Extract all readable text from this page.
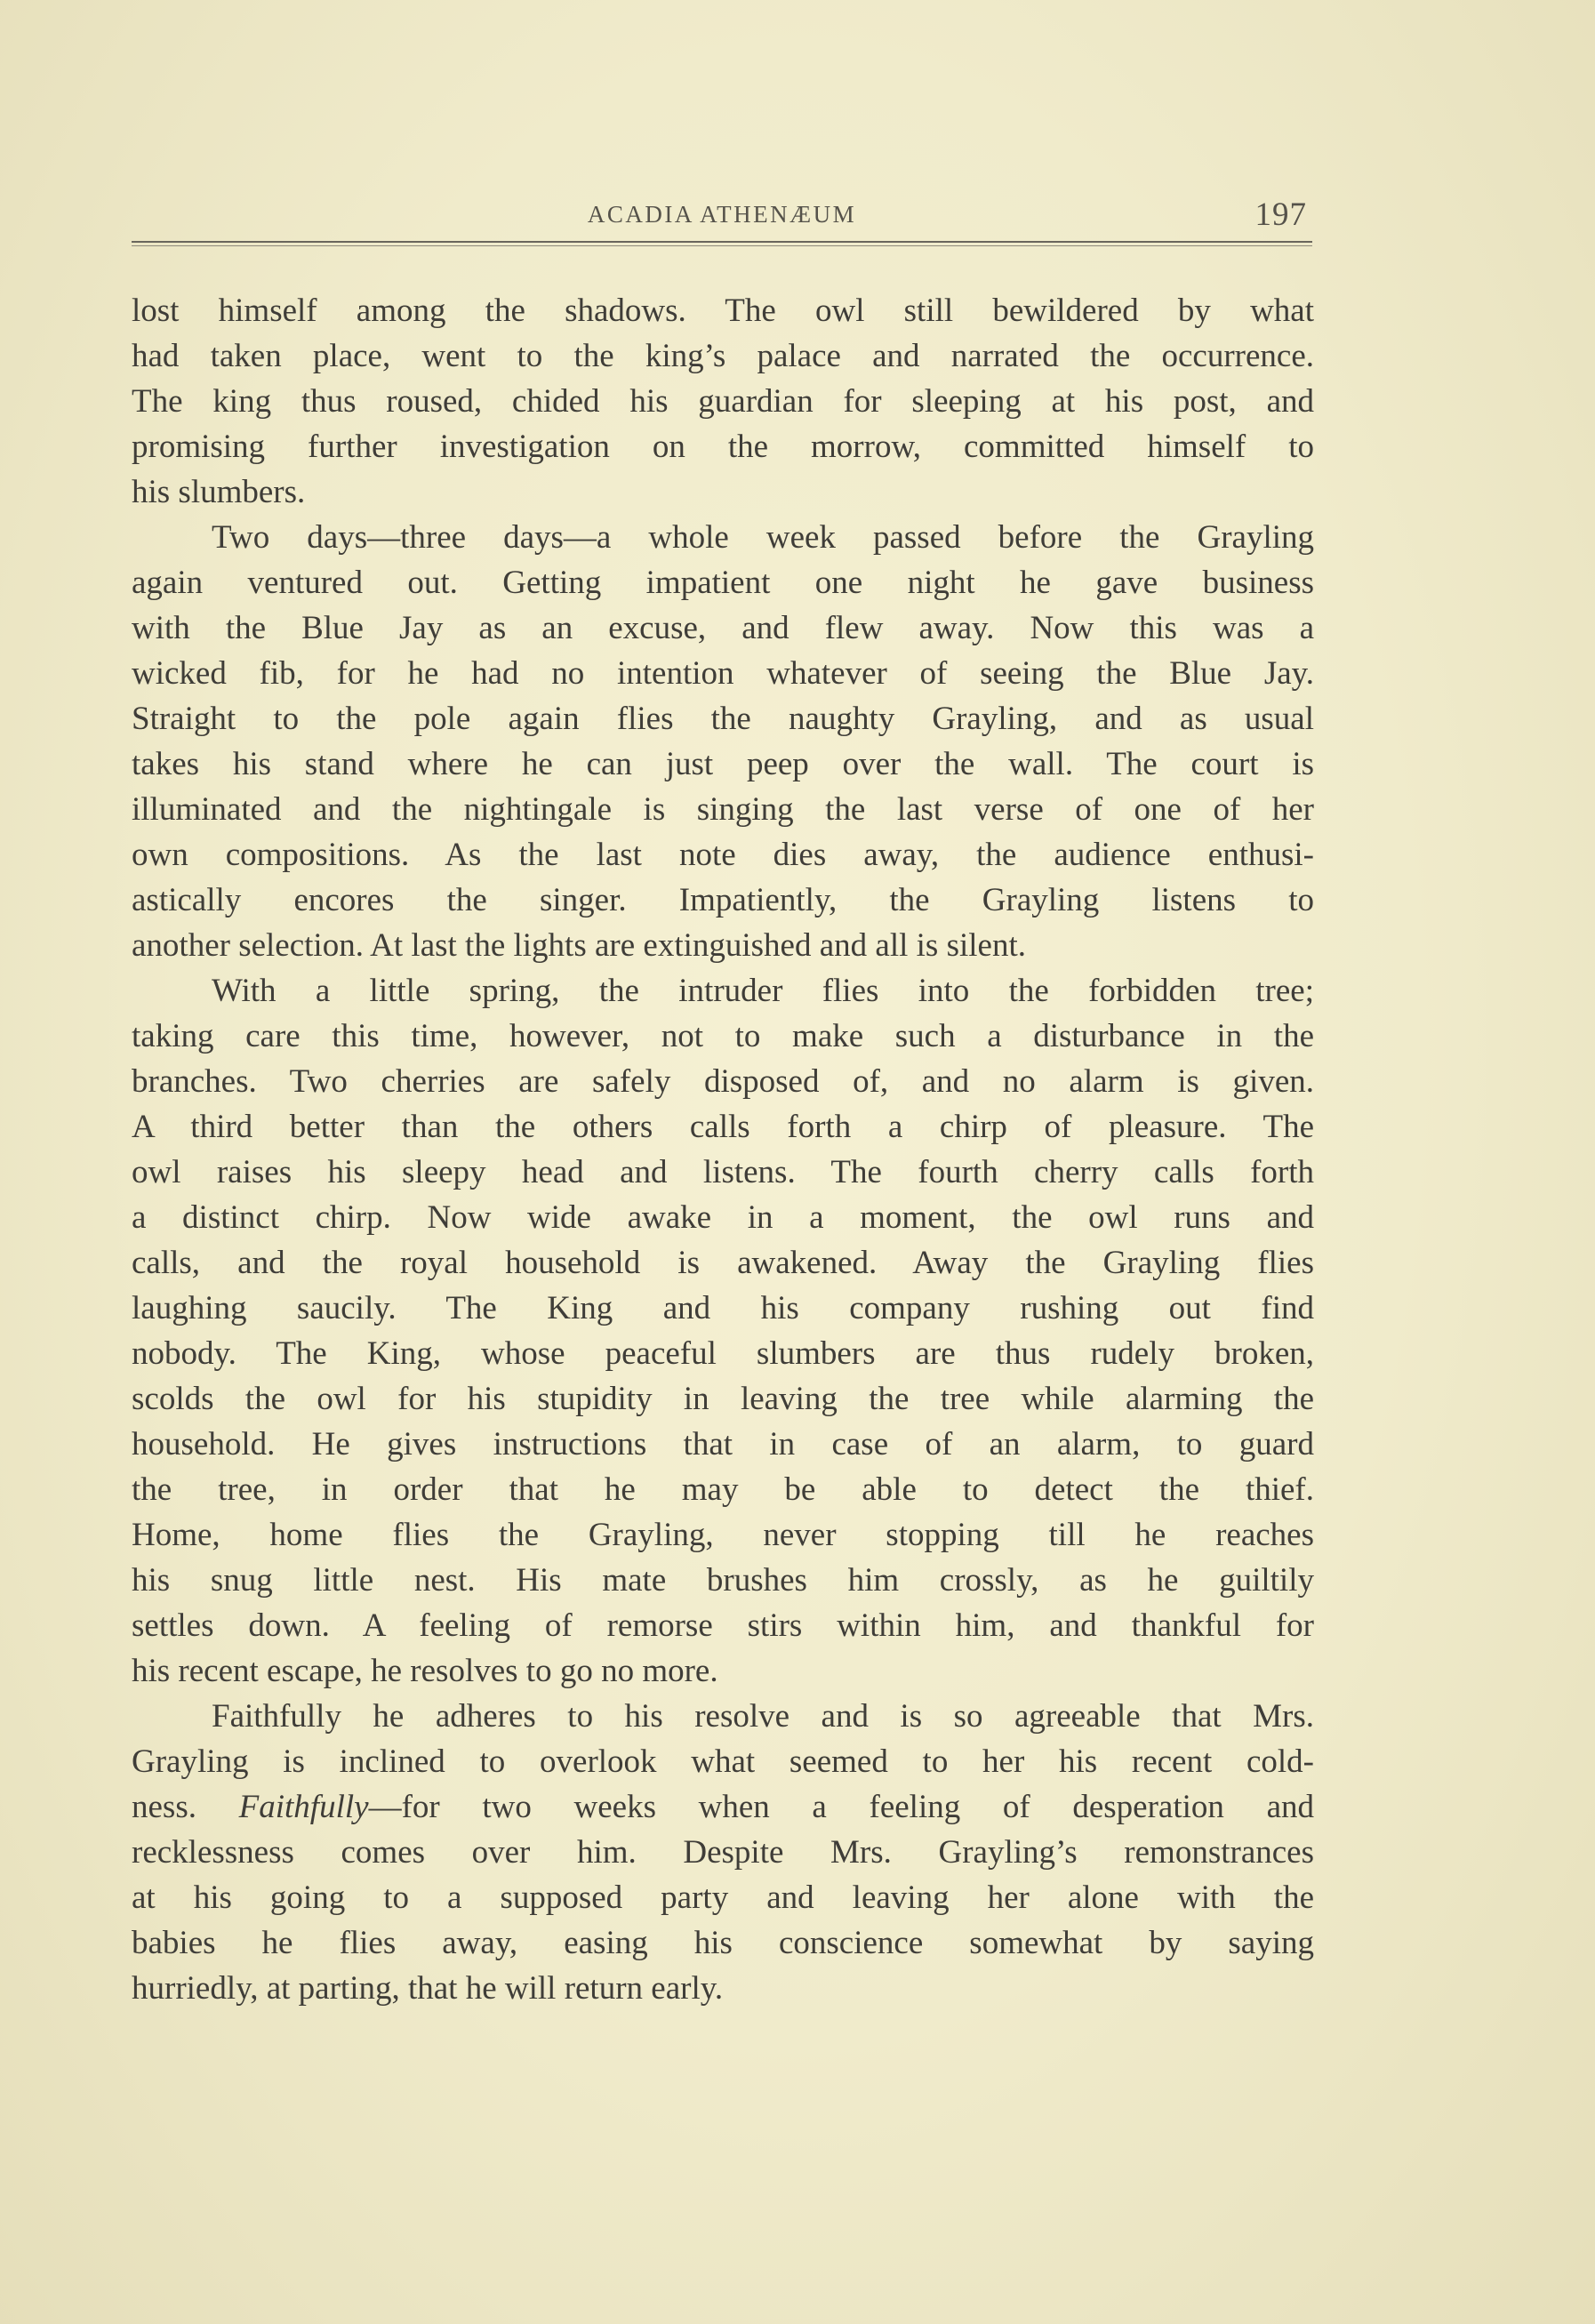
ACADIA ATHENÆUM	197
lost himself among the shadows. The owl still bewildered by what
had taken place, went to the king’s palace and narrated the occurrence.
The king thus roused, chided his guardian for sleeping at his post, and
promising further investigation on the morrow, committed himself to
his slumbers.
Two days—three days—a whole week passed before the Grayling
again ventured out. Getting impatient one night he gave business
with the Blue Jay as an excuse, and flew away. Now this was a
wicked fib, for he had no intention whatever of seeing the Blue Jay.
Straight to the pole again flies the naughty Grayling, and as usual
takes his stand where he can just peep over the wall. The court is
illuminated and the nightingale is singing the last verse of one of her
own compositions. As the last note dies away, the audience enthusi-
astically encores the singer. Impatiently, the Grayling listens to
another selection. At last the lights are extinguished and all is silent.
With a little spring, the intruder flies into the forbidden tree;
taking care this time, however, not to make such a disturbance in the
branches. Two cherries are safely disposed of, and no alarm is given.
A third better than the others calls forth a chirp of pleasure. The
owl raises his sleepy head and listens. The fourth cherry calls forth
a distinct chirp. Now wide awake in a moment, the owl runs and
calls, and the royal household is awakened. Away the Grayling flies
laughing saucily. The King and his company rushing out find
nobody. The King, whose peaceful slumbers are thus rudely broken,
scolds the owl for his stupidity in leaving the tree while alarming the
household. He gives instructions that in case of an alarm, to guard
the tree, in order that he may be able to detect the thief.
Home, home flies the Grayling, never stopping till he reaches
his snug little nest. His mate brushes him crossly, as he guiltily
settles down. A feeling of remorse stirs within him, and thankful for
his recent escape, he resolves to go no more.
Faithfully he adheres to his resolve and is so agreeable that Mrs.
Grayling is inclined to overlook what seemed to her his recent cold-
ness. Faithfully—for two weeks when a feeling of desperation and
recklessness comes over him. Despite Mrs. Grayling’s remonstrances
at his going to a supposed party and leaving her alone with the
babies he flies away, easing his conscience somewhat by saying
hurriedly, at parting, that he will return early.
